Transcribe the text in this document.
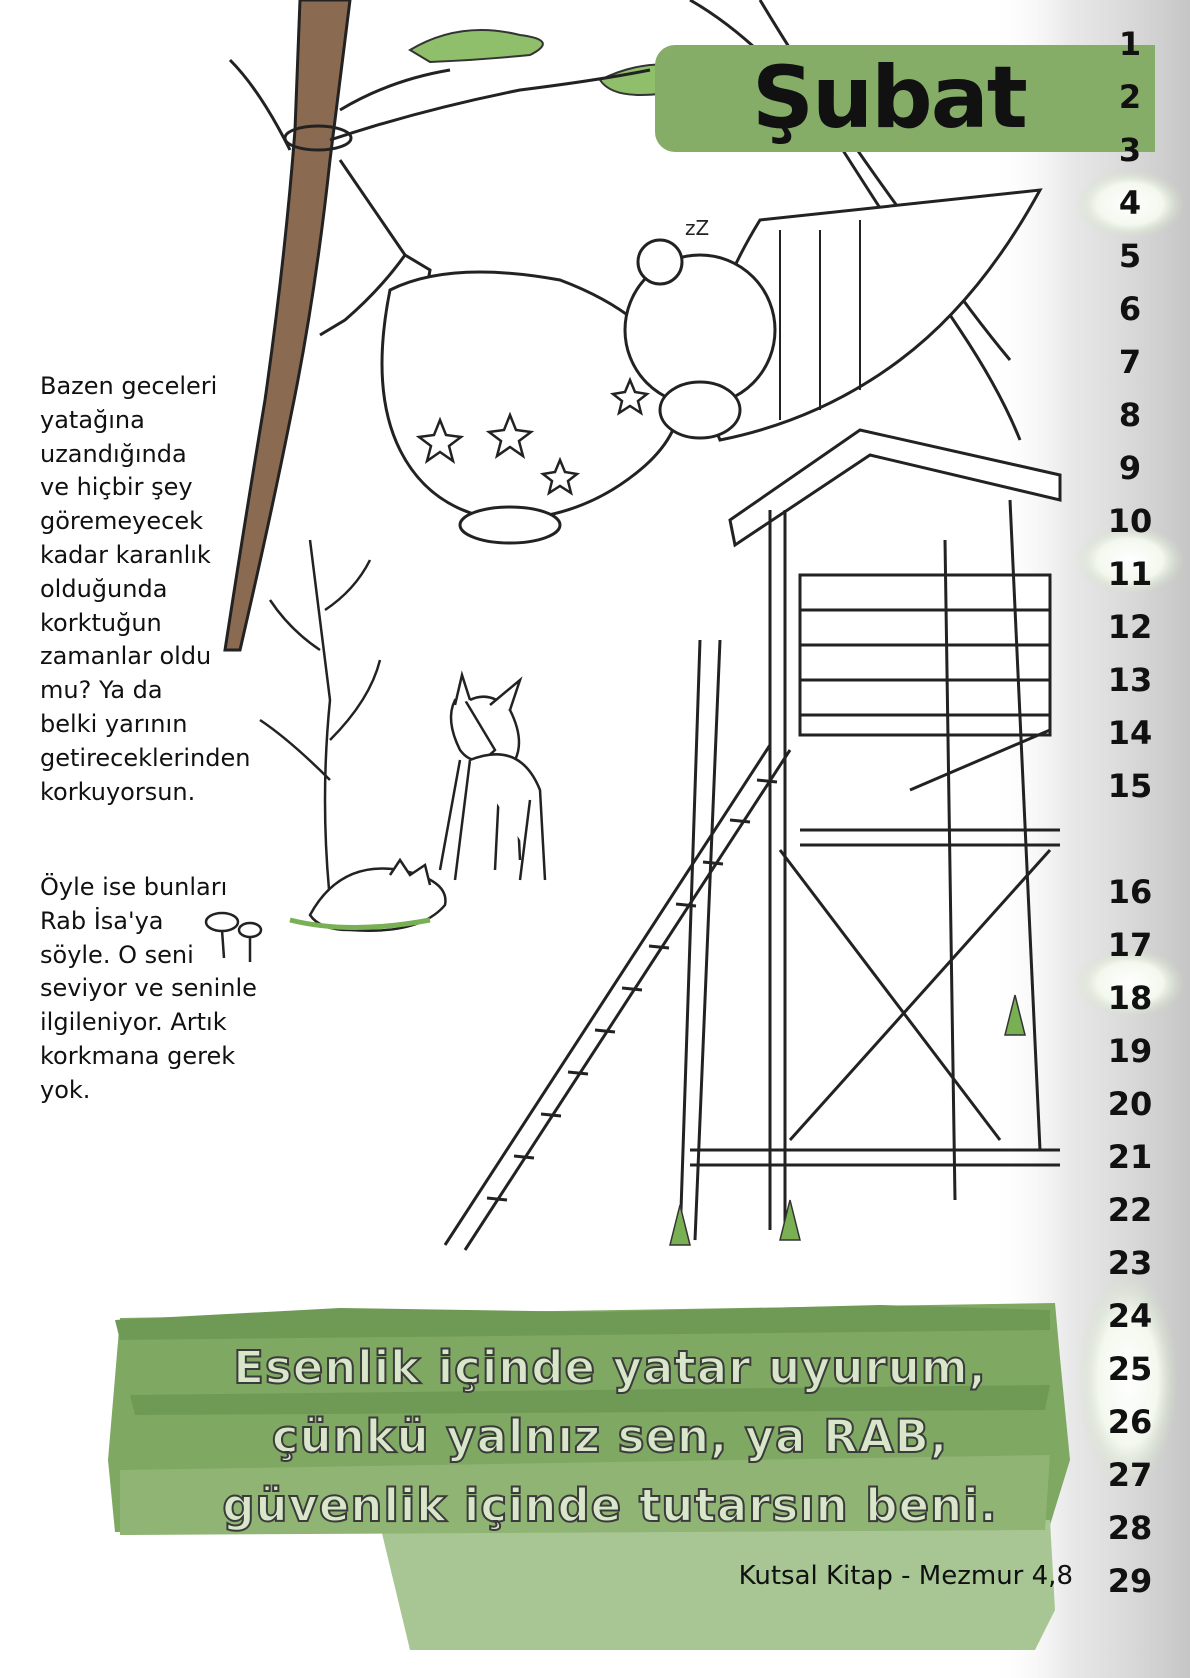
zZ
Şubat
1
2
3
4
5
6
7
8
9
10
11
12
13
14
15
16
17
18
19
20
21
22
23
24
25
26
27
28
29
Bazen geceleri
yatağına
uzandığında
ve hiçbir şey
göremeyecek
kadar karanlık
olduğunda
korktuğun
zamanlar oldu
mu? Ya da
belki yarının
getireceklerinden
korkuyorsun.
Öyle ise bunları
Rab İsa'ya
söyle. O seni
seviyor ve seninle
ilgileniyor. Artık
korkmana gerek
yok.
Esenlik içinde yatar uyurum,
çünkü yalnız sen, ya RAB,
güvenlik içinde tutarsın beni.
Kutsal Kitap - Mezmur 4,8
